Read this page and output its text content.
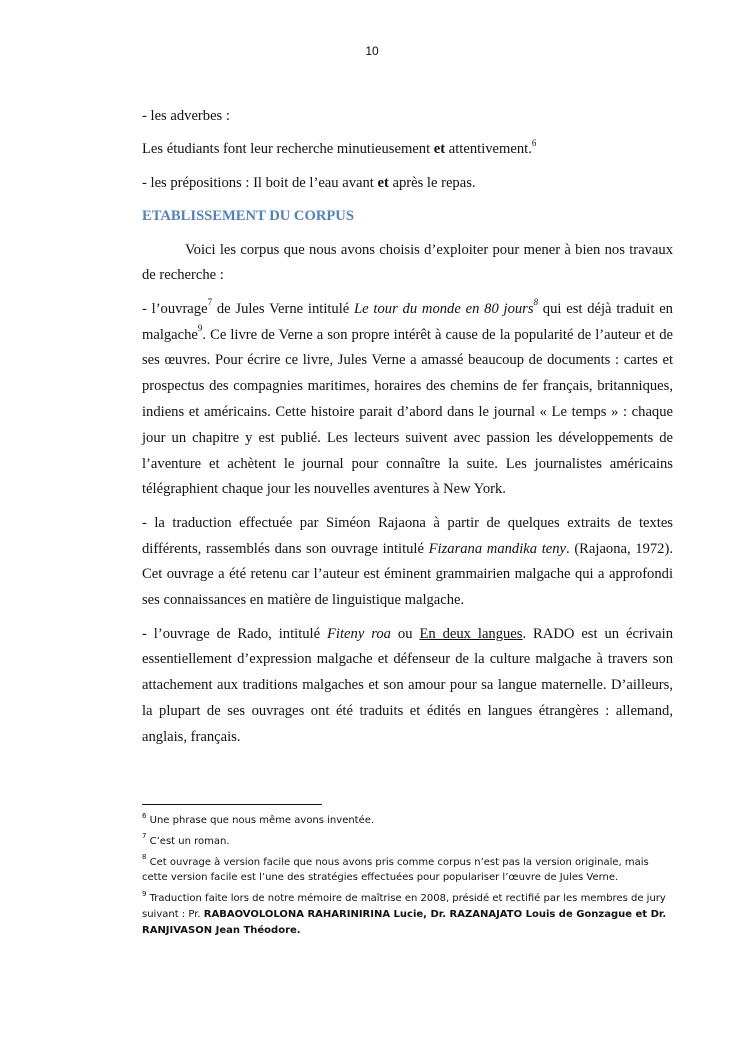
10

- les adverbes :

Les étudiants font leur recherche minutieusement et attentivement.$^6$

- les prépositions : Il boit de l’eau avant et après le repas.

ETABLISSEMENT DU CORPUS

Voici les corpus que nous avons choisis d’exploiter pour mener à bien nos travaux de recherche :

- l’ouvrage$^7$ de Jules Verne intitulé Le tour du monde en 80 jours$^8$ qui est déjà traduit en malgache$^9$. Ce livre de Verne a son propre intérêt à cause de la popularité de l’auteur et de ses œuvres. Pour écrire ce livre, Jules Verne a amassé beaucoup de documents : cartes et prospectus des compagnies maritimes, horaires des chemins de fer français, britanniques, indiens et américains. Cette histoire parait d’abord dans le journal « Le temps » : chaque jour un chapitre y est publié. Les lecteurs suivent avec passion les développements de l’aventure et achètent le journal pour connaître la suite. Les journalistes américains télégraphient chaque jour les nouvelles aventures à New York.

- la traduction effectuée par Siméon Rajaona à partir de quelques extraits de textes différents, rassemblés dans son ouvrage intitulé Fizarana mandika teny. (Rajaona, 1972). Cet ouvrage a été retenu car l’auteur est éminent grammairien malgache qui a approfondi ses connaissances en matière de linguistique malgache.

- l’ouvrage de Rado, intitulé Fiteny roa ou En deux langues. RADO est un écrivain essentiellement d’expression malgache et défenseur de la culture malgache à travers son attachement aux traditions malgaches et son amour pour sa langue maternelle. D’ailleurs, la plupart de ses ouvrages ont été traduits et édités en langues étrangères : allemand, anglais, français.

$^6$ Une phrase que nous même avons inventée.

$^7$ C’est un roman.

$^8$ Cet ouvrage à version facile que nous avons pris comme corpus n’est pas la version originale, mais cette version facile est l’une des stratégies effectuées pour populariser l’œuvre de Jules Verne.

$^9$ Traduction faite lors de notre mémoire de maîtrise en 2008, présidé et rectifié par les membres de jury suivant : Pr. RABAOVOLOLONA RAHARINIRINA Lucie, Dr. RAZANAJATO Louis de Gonzague et Dr. RANJIVASON Jean Théodore.
